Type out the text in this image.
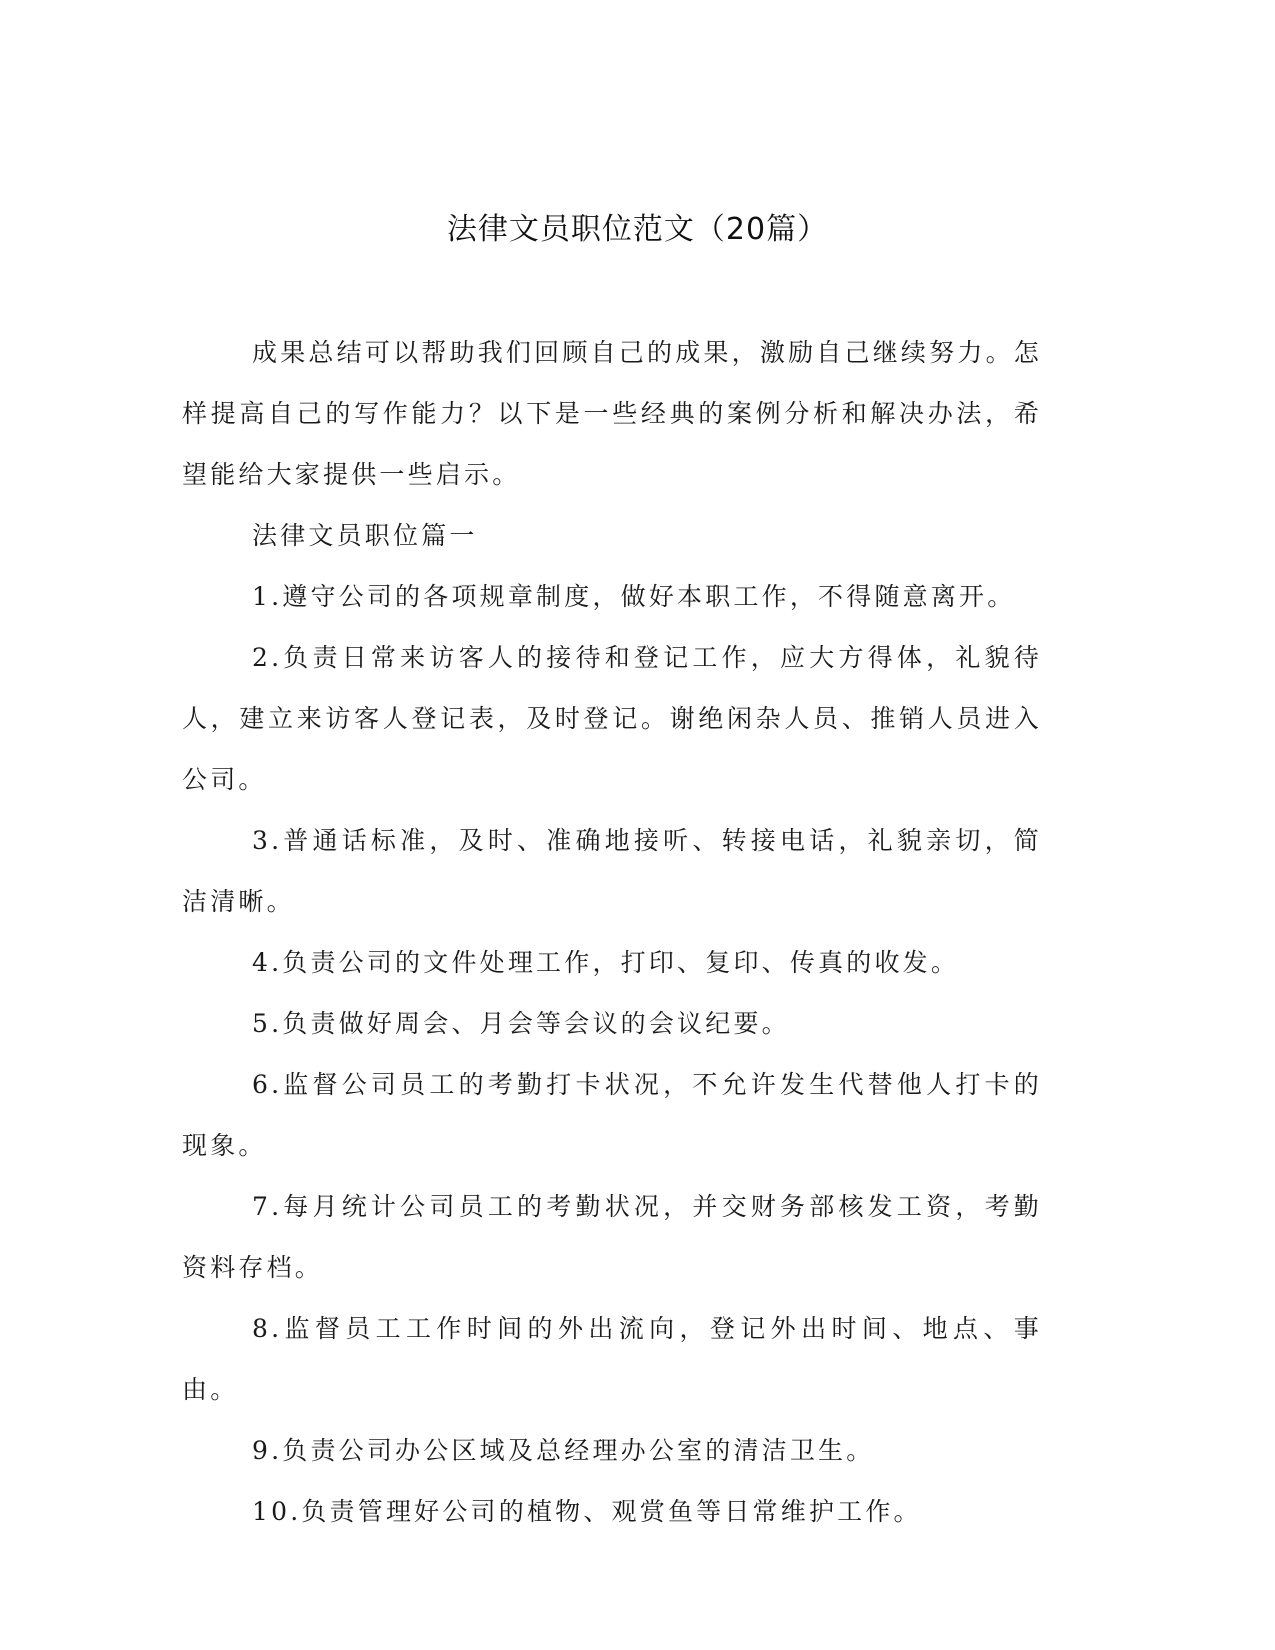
法律文员职位范文（20篇）

成果总结可以帮助我们回顾自己的成果，激励自己继续努力。怎样提高自己的写作能力？以下是一些经典的案例分析和解决办法，希望能给大家提供一些启示。

法律文员职位篇一

1.遵守公司的各项规章制度，做好本职工作，不得随意离开。

2.负责日常来访客人的接待和登记工作，应大方得体，礼貌待人，建立来访客人登记表，及时登记。谢绝闲杂人员、推销人员进入公司。

3.普通话标准，及时、准确地接听、转接电话，礼貌亲切，简洁清晰。

4.负责公司的文件处理工作，打印、复印、传真的收发。

5.负责做好周会、月会等会议的会议纪要。

6.监督公司员工的考勤打卡状况，不允许发生代替他人打卡的现象。

7.每月统计公司员工的考勤状况，并交财务部核发工资，考勤资料存档。

8.监督员工工作时间的外出流向，登记外出时间、地点、事由。

9.负责公司办公区域及总经理办公室的清洁卫生。

10.负责管理好公司的植物、观赏鱼等日常维护工作。
